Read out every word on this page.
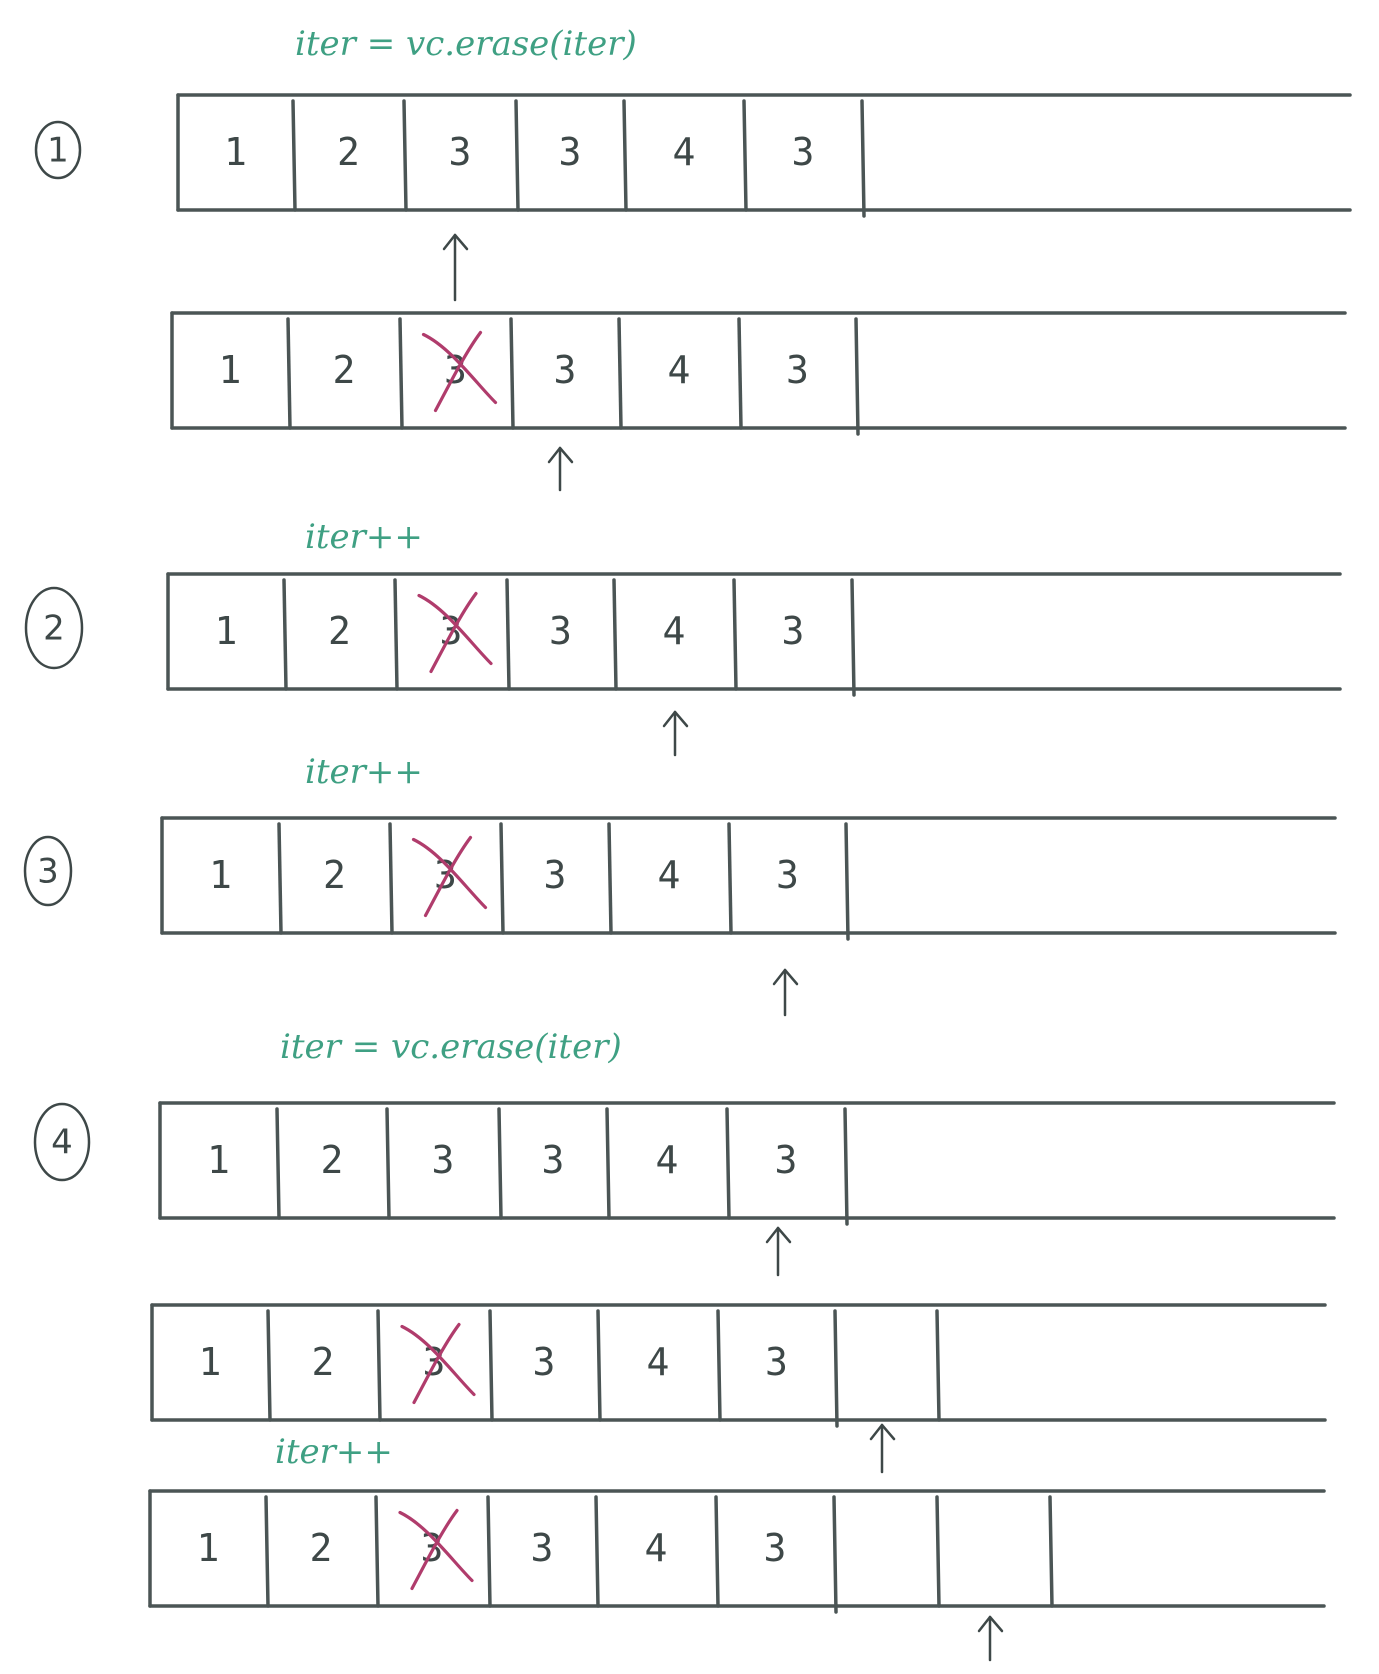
iter = vc.erase(iter)
iter++
iter++
iter = vc.erase(iter)
iter++
1
2
3
4
1 2 3 3 4	3
1 2 3 3 4	3
1 2 3 3 4	3
1 2 3 3 4	3
1 2 3 3 4	3
1 2 3 3 4	3
1 2 3 3 4	3
